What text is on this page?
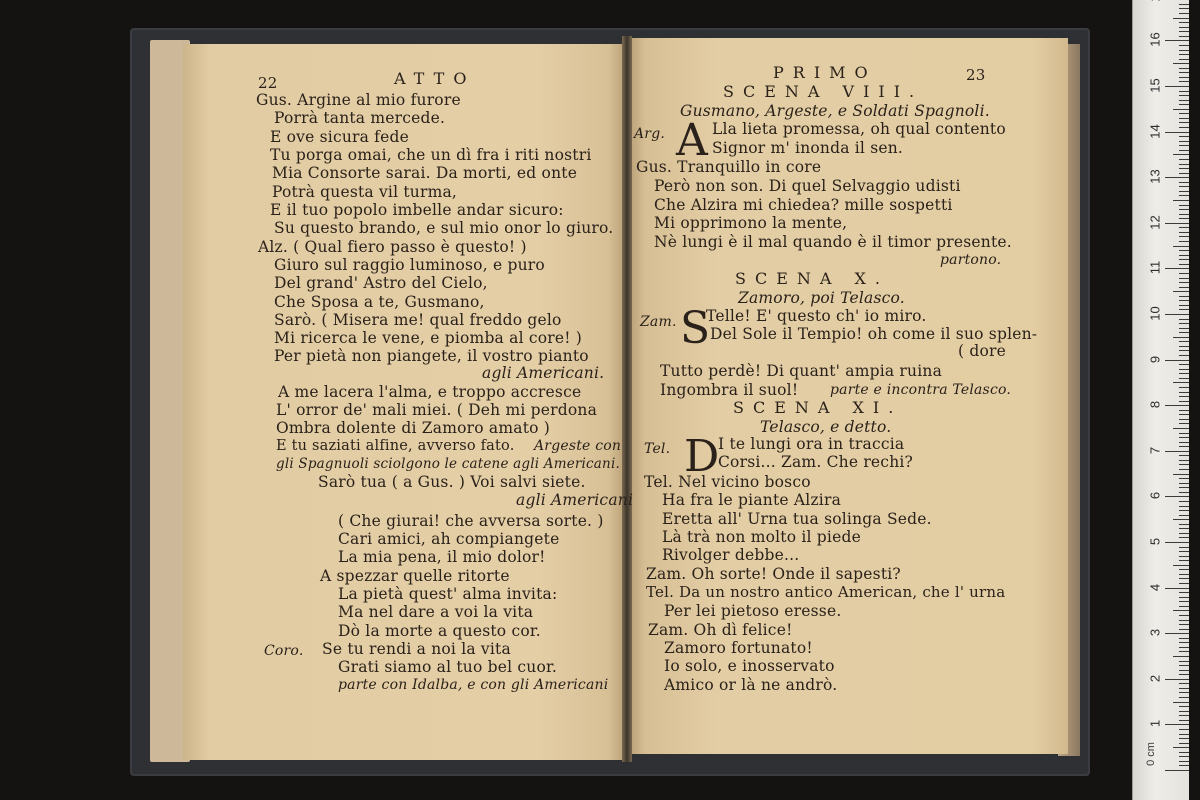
22	ATTO
Gus. Argine al mio furore
Porrà tanta mercede.
E ove sicura fede
Tu porga omai, che un dì fra i riti nostri
Mia Consorte sarai. Da morti, ed onte
Potrà questa vil turma,
E il tuo popolo imbelle andar sicuro:
Su questo brando, e sul mio onor lo giuro.
Alz. ( Qual fiero passo è questo! )
Giuro sul raggio luminoso, e puro
Del grand' Astro del Cielo,
Che Sposa a te, Gusmano,
Sarò. ( Misera me! qual freddo gelo
Mi ricerca le vene, e piomba al core! )
Per pietà non piangete, il vostro pianto
agli Americani.
A me lacera l'alma, e troppo accresce
L' orror de' mali miei. ( Deh mi perdona
Ombra dolente di Zamoro amato )
E tu saziati alfine, avverso fato. Argeste con
gli Spagnuoli sciolgono le catene agli Americani.
Sarò tua ( a Gus. ) Voi salvi siete.
agli Americani
( Che giurai! che avversa sorte. )
Cari amici, ah compiangete
La mia pena, il mio dolor!
A spezzar quelle ritorte
La pietà quest' alma invita:
Ma nel dare a voi la vita
Dò la morte a questo cor.
Coro. Se tu rendi a noi la vita
Grati siamo al tuo bel cuor.
parte con Idalba, e con gli Americani
PRIMO	23
SCENA VIII.
Gusmano, Argeste, e Soldati Spagnoli.
Arg. A Lla lieta promessa, oh qual contento
Signor m' inonda il sen.
Gus. Tranquillo in core
Però non son. Di quel Selvaggio udisti
Che Alzira mi chiedea? mille sospetti
Mi opprimono la mente,
Nè lungi è il mal quando è il timor presente.
partono.
SCENA X.
Zamoro, poi Telasco.
Zam. S
Telle! E' questo ch' io miro.
Del Sole il Tempio! oh come il suo splen-
( dore
Tutto perdè! Di quant' ampia ruina
Ingombra il suol! parte e incontra Telasco.
SCENA XI.
Telasco, e detto.
Tel. D
I te lungi ora in traccia
Corsi... Zam. Che rechi?
Tel. Nel vicino bosco
Ha fra le piante Alzira
Eretta all' Urna tua solinga Sede.
Là trà non molto il piede
Rivolger debbe...
Zam. Oh sorte! Onde il sapesti?
Tel. Da un nostro antico American, che l' urna
Per lei pietoso eresse.
Zam. Oh dì felice!
Zamoro fortunato!
Io solo, e inosservato
Amico or là ne andrò.
0 cm
16
15
14
13
12
11
10
9
8
7
6
5
4
3
2
1
